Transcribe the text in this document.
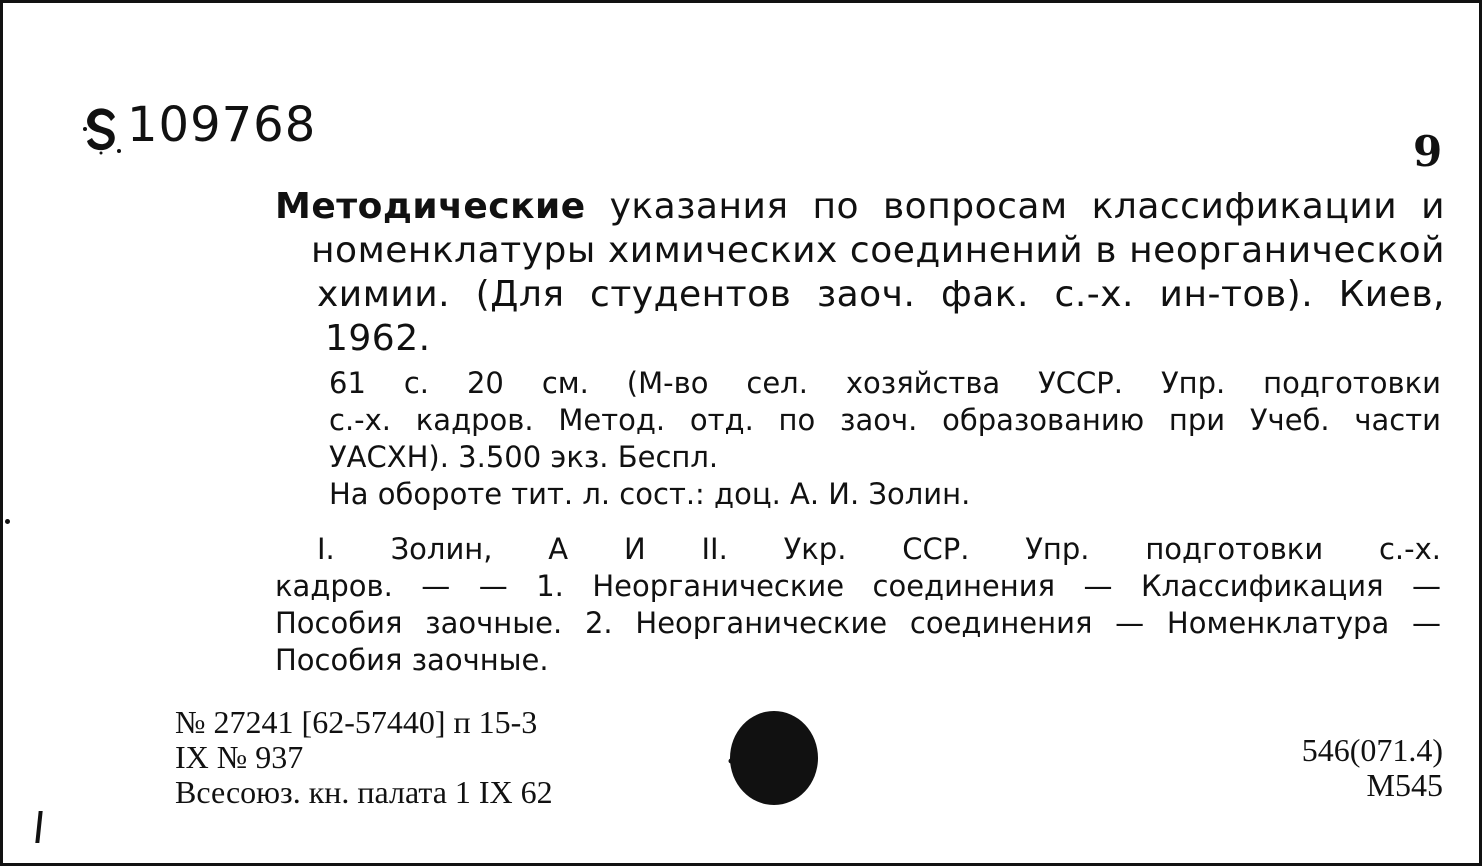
109768	9
Методические указания по вопросам классификации и
номенклатуры химических соединений в неорганической
химии. (Для студентов заоч. фак. с.-х. ин-тов). Киев,
1962.
61 с. 20 см. (М-во сел. хозяйства УССР. Упр. подготовки
с.-х. кадров. Метод. отд. по заоч. образованию при Учеб. части
УАСХН). 3.500 экз. Беспл.
На обороте тит. л. сост.: доц. А. И. Золин.
I. Золин, А И II. Укр. ССР. Упр. подготовки с.-х.
кадров. — — 1. Неорганические соединения — Классификация —
Пособия заочные. 2. Неорганические соединения — Номенклатура —
Пособия заочные.
№ 27241 [62-57440] п 15-3
IX № 937
Всесоюз. кн. палата 1 IX 62
546(071.4)
М545
